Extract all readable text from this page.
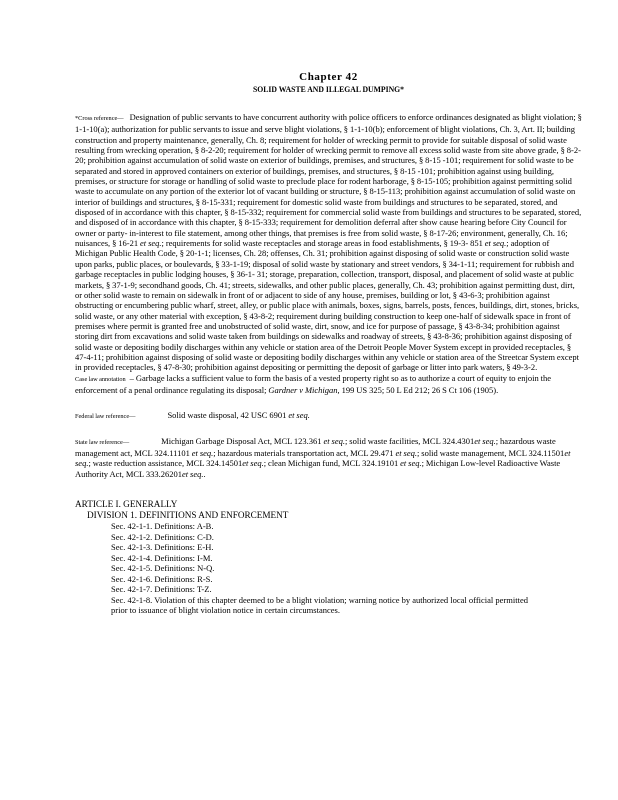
Chapter 42
SOLID WASTE AND ILLEGAL DUMPING*

*Cross reference— Designation of public servants to have concurrent authority with police officers to enforce ordinances designated as blight violation; § 1-1-10(a); authorization for public servants to issue and serve blight violations, § 1-1-10(b); enforcement of blight violations, Ch. 3, Art. II; building construction and property maintenance, generally, Ch. 8; requirement for holder of wrecking permit to provide for suitable disposal of solid waste resulting from wrecking operation, § 8-2-20; requirement for holder of wrecking permit to remove all excess solid waste from site above grade, § 8-2-20; prohibition against accumulation of solid waste on exterior of buildings, premises, and structures, § 8-15 -101; requirement for solid waste to be separated and stored in approved containers on exterior of buildings, premises, and structures, § 8-15 -101; prohibition against using building, premises, or structure for storage or handling of solid waste to preclude place for rodent harborage, § 8-15-105; prohibition against permitting solid waste to accumulate on any portion of the exterior lot of vacant building or structure, § 8-15-113; prohibition against accumulation of solid waste on interior of buildings and structures, § 8-15-331; requirement for domestic solid waste from buildings and structures to be separated, stored, and disposed of in accordance with this chapter, § 8-15-332; requirement for commercial solid waste from buildings and structures to be separated, stored, and disposed of in accordance with this chapter, § 8-15-333; requirement for demolition deferral after show cause hearing before City Council for owner or party- in-interest to file statement, among other things, that premises is free from solid waste, § 8-17-26; environment, generally, Ch. 16; nuisances, § 16-21 et seq.; requirements for solid waste receptacles and storage areas in food establishments, § 19-3- 851 et seq.; adoption of Michigan Public Health Code, § 20-1-1; licenses, Ch. 28; offenses, Ch. 31; prohibition against disposing of solid waste or construction solid waste upon parks, public places, or boulevards, § 33-1-19; disposal of solid waste by stationary and street vendors, § 34-1-11; requirement for rubbish and garbage receptacles in public lodging houses, § 36-1- 31; storage, preparation, collection, transport, disposal, and placement of solid waste at public markets, § 37-1-9; secondhand goods, Ch. 41; streets, sidewalks, and other public places, generally, Ch. 43; prohibition against permitting dust, dirt, or other solid waste to remain on sidewalk in front of or adjacent to side of any house, premises, building or lot, § 43-6-3; prohibition against obstructing or encumbering public wharf, street, alley, or public place with animals, boxes, signs, barrels, posts, fences, buildings, dirt, stones, bricks, solid waste, or any other material with exception, § 43-8-2; requirement during building construction to keep one-half of sidewalk space in front of premises where permit is granted free and unobstructed of solid waste, dirt, snow, and ice for purpose of passage, § 43-8-34; prohibition against storing dirt from excavations and solid waste taken from buildings on sidewalks and roadway of streets, § 43-8-36; prohibition against disposing of solid waste or depositing bodily discharges within any vehicle or station area of the Detroit People Mover System except in provided receptacles, § 47-4-11; prohibition against disposing of solid waste or depositing bodily discharges within any vehicle or station area of the Streetcar System except in provided receptacles, § 47-8-30; prohibition against depositing or permitting the deposit of garbage or litter into park waters, § 49-3-2.

Case law annotation – Garbage lacks a sufficient value to form the basis of a vested property right so as to authorize a court of equity to enjoin the enforcement of a penal ordinance regulating its disposal; Gardner v Michigan, 199 US 325; 50 L Ed 212; 26 S Ct 106 (1905).

Federal law reference—	Solid waste disposal, 42 USC 6901 et seq.

State law reference—	Michigan Garbage Disposal Act, MCL 123.361 et seq.; solid waste facilities, MCL 324.4301et seq.; hazardous waste management act, MCL 324.11101 et seq.; hazardous materials transportation act, MCL 29.471 et seq.; solid waste management, MCL 324.11501et seq.; waste reduction assistance, MCL 324.14501et seq.; clean Michigan fund, MCL 324.19101 et seq.; Michigan Low-level Radioactive Waste Authority Act, MCL 333.26201et seq..

ARTICLE I. GENERALLY
DIVISION 1. DEFINITIONS AND ENFORCEMENT
Sec. 42-1-1. Definitions: A-B.
Sec. 42-1-2. Definitions: C-D.
Sec. 42-1-3. Definitions: E-H.
Sec. 42-1-4. Definitions: I-M.
Sec. 42-1-5. Definitions: N-Q.
Sec. 42-1-6. Definitions: R-S.
Sec. 42-1-7. Definitions: T-Z.
Sec. 42-1-8. Violation of this chapter deemed to be a blight violation; warning notice by authorized local official permitted prior to issuance of blight violation notice in certain circumstances.
